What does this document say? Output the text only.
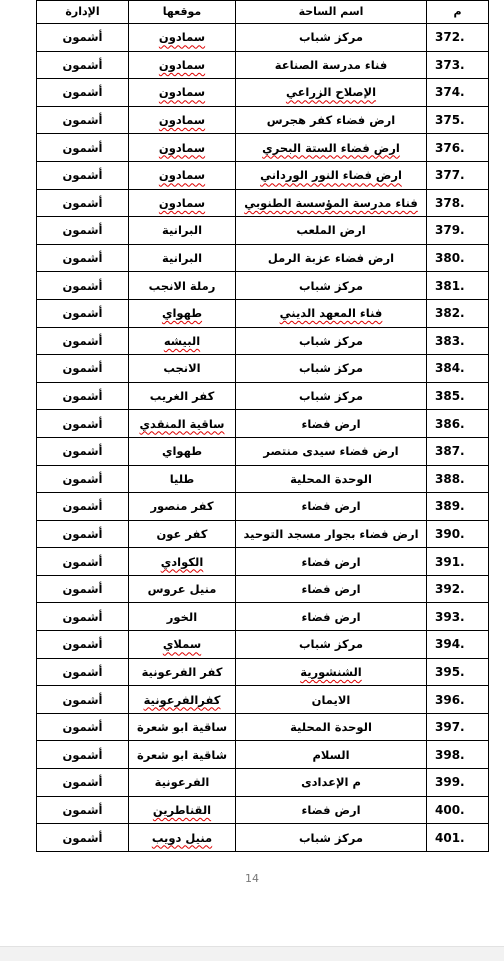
م	اسم الساحة	موقعها	الإدارة
372.	مركز شباب	سمادون	أشمون
373.	فناء مدرسة الصناعة	سمادون	أشمون
374.	الإصلاح الزراعي	سمادون	أشمون
375.	ارض فضاء كفر هجرس	سمادون	أشمون
376.	ارض فضاء الستة البحري	سمادون	أشمون
377.	ارض فضاء النور الورداني	سمادون	أشمون
378.	فناء مدرسة المؤسسة الطنوبي	سمادون	أشمون
379.	ارض الملعب	البرانية	أشمون
380.	ارض فضاء عزبة الرمل	البرانية	أشمون
381.	مركز شباب	رملة الانجب	أشمون
382.	فناء المعهد الديني	طهواي	أشمون
383.	مركز شباب	البيشه	أشمون
384.	مركز شباب	الانجب	أشمون
385.	مركز شباب	كفر الغريب	أشمون
386.	ارض فضاء	ساقية المنقدي	أشمون
387.	ارض فضاء سيدى منتصر	طهواي	أشمون
388.	الوحدة المحلية	طليا	أشمون
389.	ارض فضاء	كفر منصور	أشمون
390.	ارض فضاء بجوار مسجد التوحيد	كفر عون	أشمون
391.	ارض فضاء	الكوادي	أشمون
392.	ارض فضاء	منيل عروس	أشمون
393.	ارض فضاء	الخور	أشمون
394.	مركز شباب	سملاي	أشمون
395.	الشنشورية	كفر الفرعونية	أشمون
396.	الايمان	كفرالفرعونية	أشمون
397.	الوحدة المحلية	ساقية ابو شعرة	أشمون
398.	السلام	شاقية ابو شعرة	أشمون
399.	م الإعدادى	الفرعونية	أشمون
400.	ارض فضاء	القناطرين	أشمون
401.	مركز شباب	منيل دويب	أشمون
14
